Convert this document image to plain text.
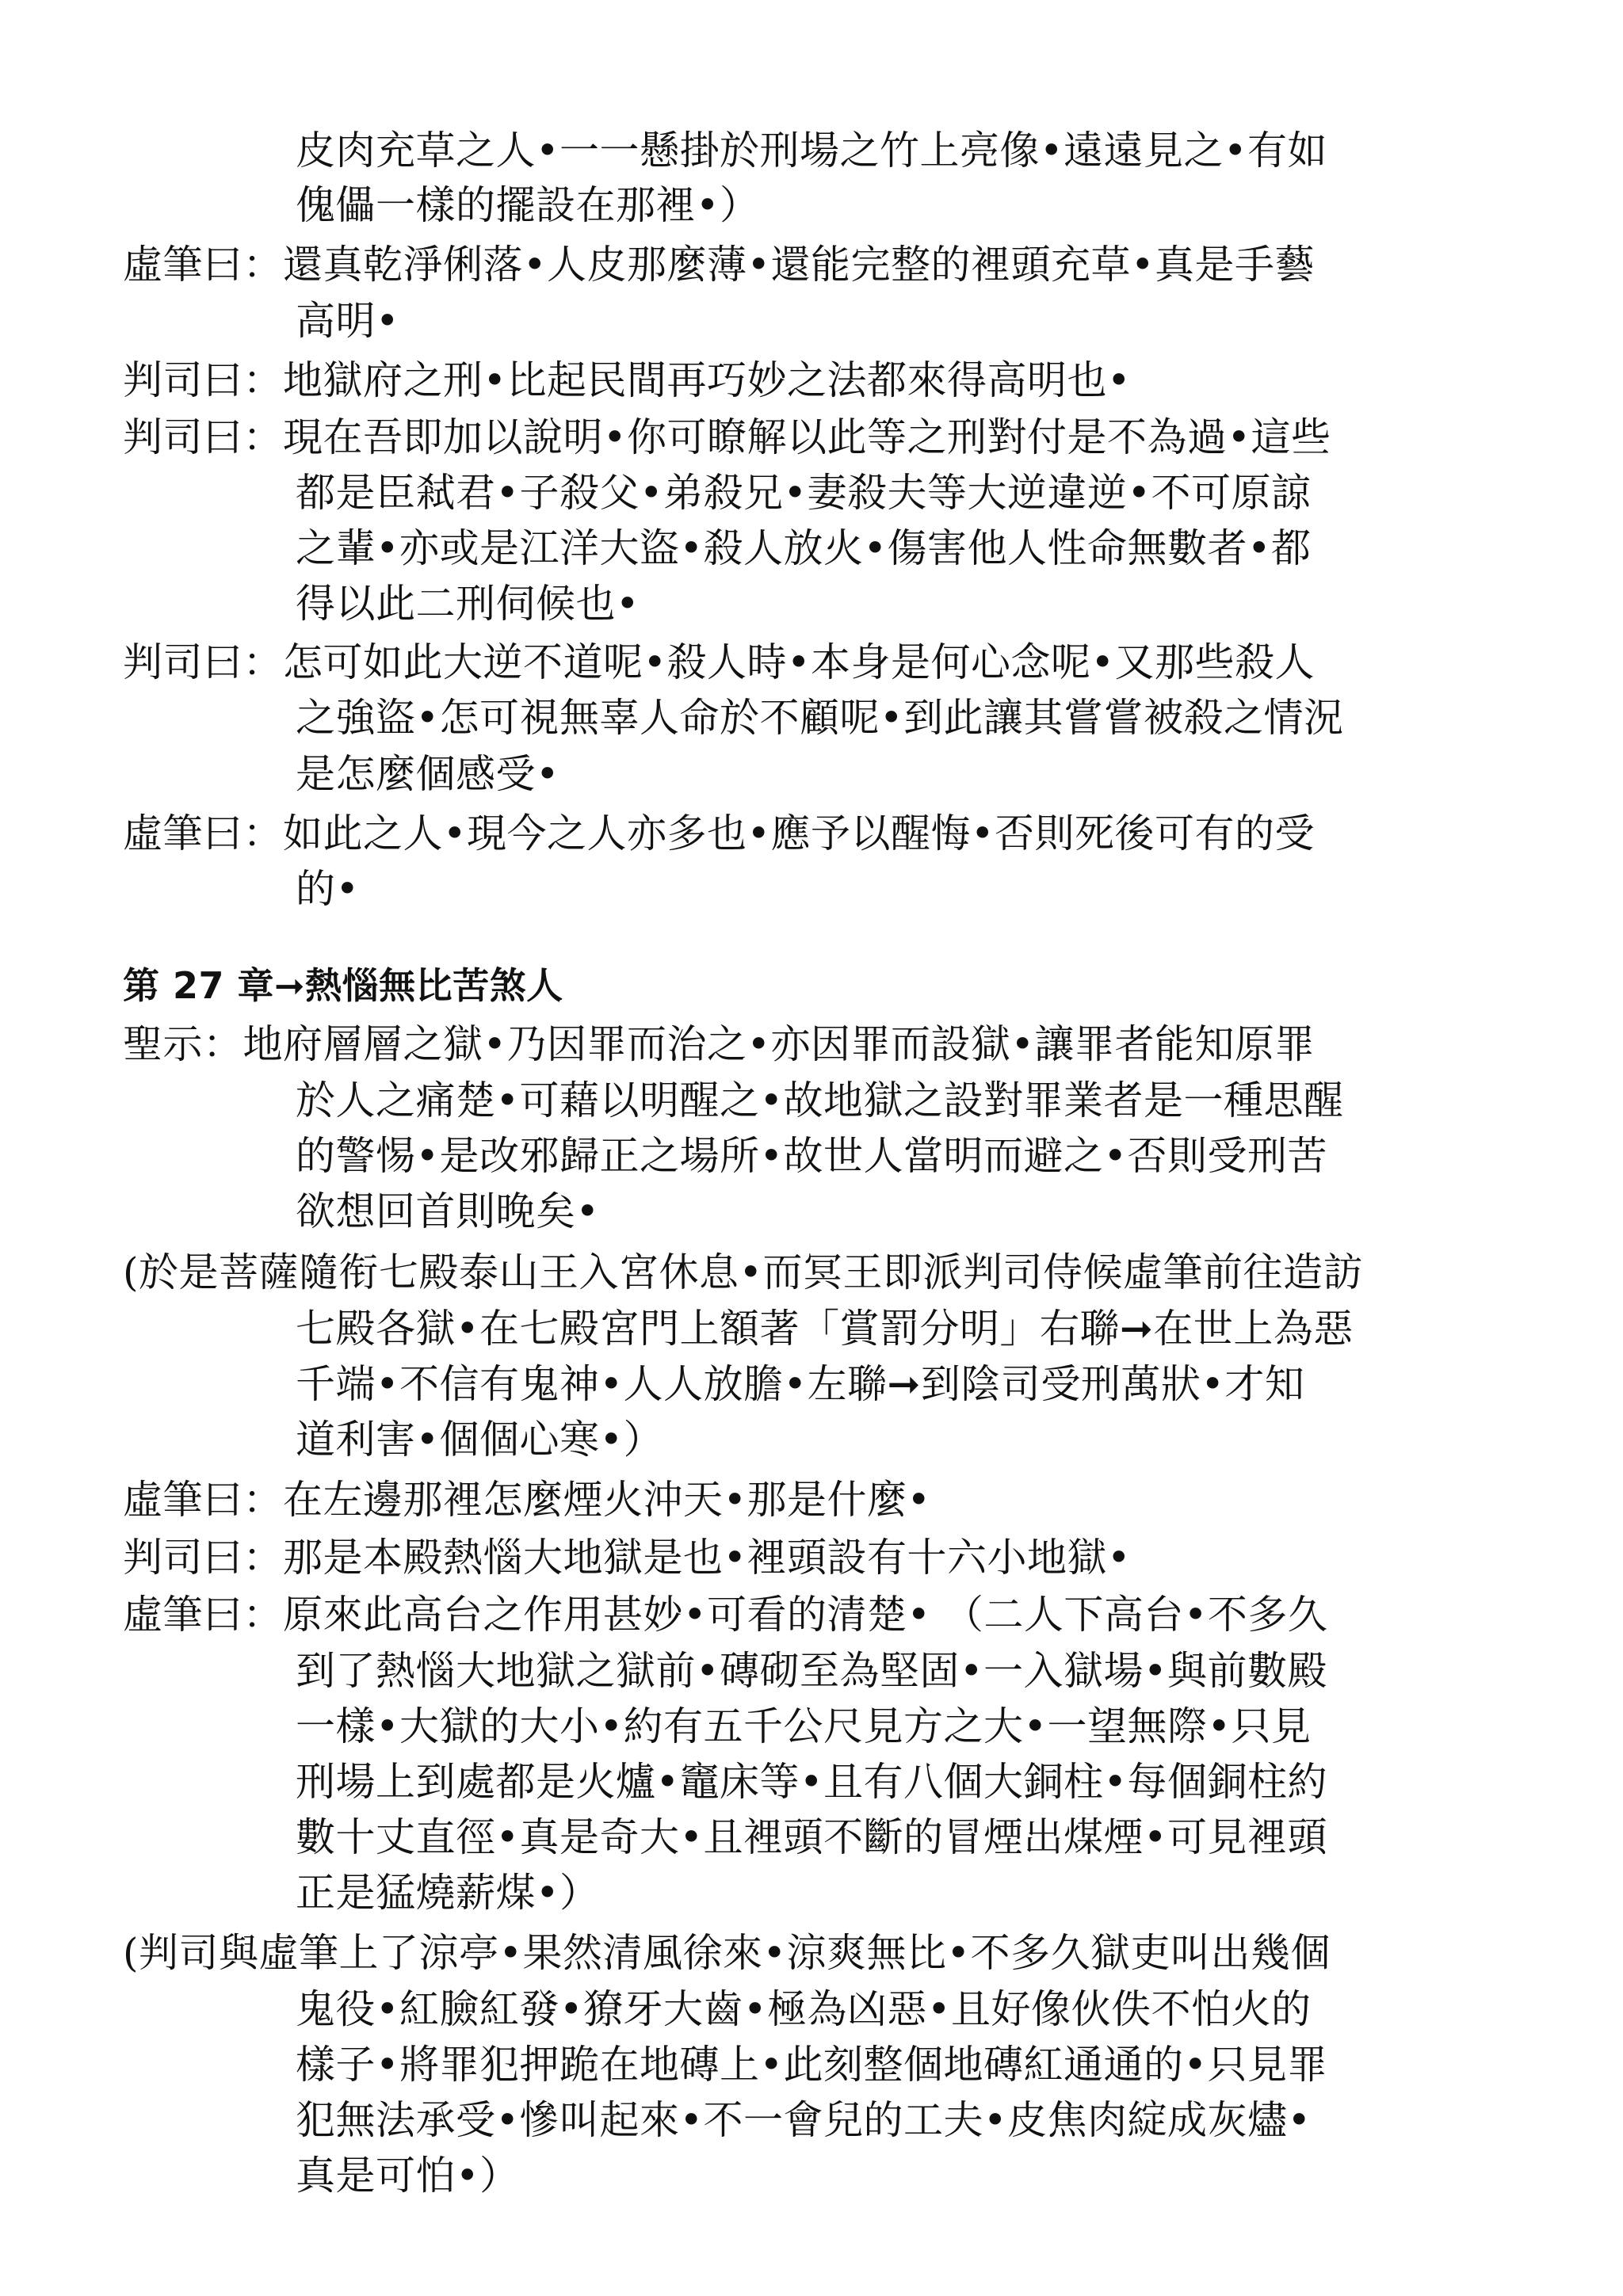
皮肉充草之人•一一懸掛於刑場之竹上亮像•遠遠見之•有如
傀儡一樣的擺設在那裡•）
虛筆曰：還真乾淨俐落•人皮那麼薄•還能完整的裡頭充草•真是手藝
高明•
判司曰：地獄府之刑•比起民間再巧妙之法都來得高明也•
判司曰：現在吾即加以說明•你可瞭解以此等之刑對付是不為過•這些
都是臣弒君•子殺父•弟殺兄•妻殺夫等大逆違逆•不可原諒
之輩•亦或是江洋大盜•殺人放火•傷害他人性命無數者•都
得以此二刑伺候也•
判司曰：怎可如此大逆不道呢•殺人時•本身是何心念呢•又那些殺人
之強盜•怎可視無辜人命於不顧呢•到此讓其嘗嘗被殺之情況
是怎麼個感受•
虛筆曰：如此之人•現今之人亦多也•應予以醒悔•否則死後可有的受
的•
第 27 章➞熱惱無比苦煞人
聖示：地府層層之獄•乃因罪而治之•亦因罪而設獄•讓罪者能知原罪
於人之痛楚•可藉以明醒之•故地獄之設對罪業者是一種思醒
的警惕•是改邪歸正之場所•故世人當明而避之•否則受刑苦
欲想回首則晚矣•
(於是菩薩隨衔七殿泰山王入宮休息•而冥王即派判司侍候虛筆前往造訪
七殿各獄•在七殿宮門上額著「賞罰分明」右聯➞在世上為惡
千端•不信有鬼神•人人放膽•左聯➞到陰司受刑萬狀•才知
道利害•個個心寒•）
虛筆曰：在左邊那裡怎麼煙火沖天•那是什麼•
判司曰：那是本殿熱惱大地獄是也•裡頭設有十六小地獄•
虛筆曰：原來此高台之作用甚妙•可看的清楚• （二人下高台•不多久
到了熱惱大地獄之獄前•磚砌至為堅固•一入獄場•與前數殿
一樣•大獄的大小•約有五千公尺見方之大•一望無際•只見
刑場上到處都是火爐•竈床等•且有八個大銅柱•每個銅柱約
數十丈直徑•真是奇大•且裡頭不斷的冒煙出煤煙•可見裡頭
正是猛燒薪煤•）
(判司與虛筆上了涼亭•果然清風徐來•涼爽無比•不多久獄吏叫出幾個
鬼役•紅臉紅發•獠牙大齒•極為凶惡•且好像伙佚不怕火的
樣子•將罪犯押跪在地磚上•此刻整個地磚紅通通的•只見罪
犯無法承受•慘叫起來•不一會兒的工夫•皮焦肉綻成灰燼•
真是可怕•）
